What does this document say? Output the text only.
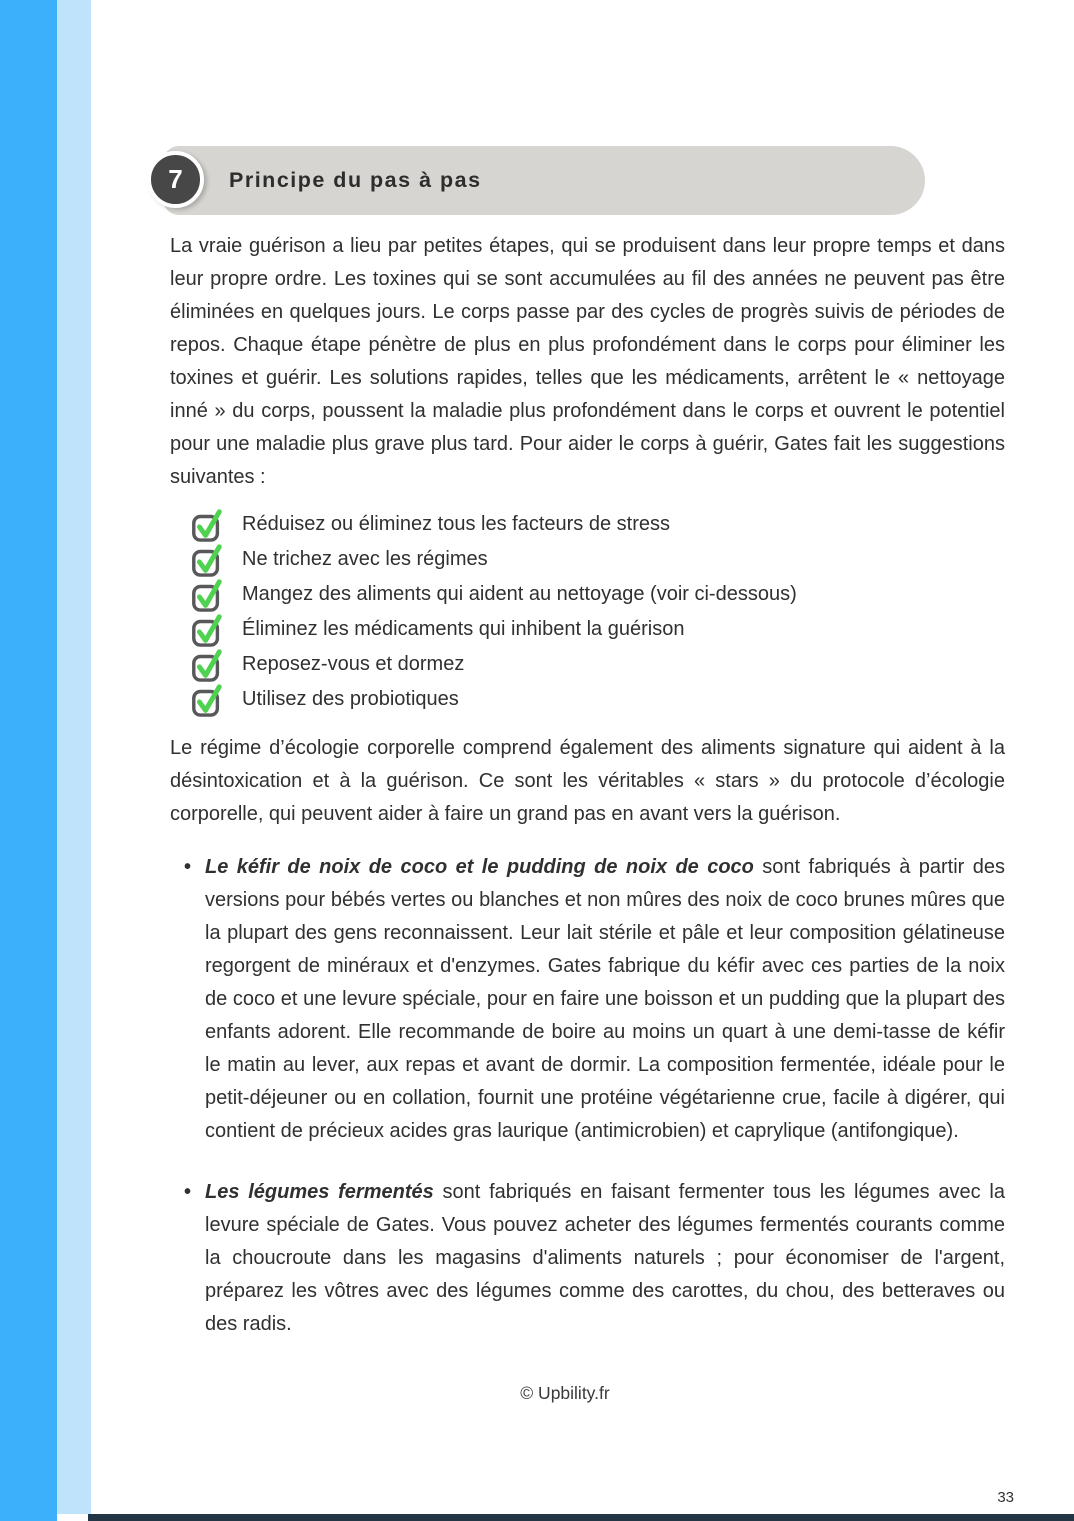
7 Principe du pas à pas

La vraie guérison a lieu par petites étapes, qui se produisent dans leur propre temps et dans leur propre ordre. Les toxines qui se sont accumulées au fil des années ne peuvent pas être éliminées en quelques jours. Le corps passe par des cycles de progrès suivis de périodes de repos. Chaque étape pénètre de plus en plus profondément dans le corps pour éliminer les toxines et guérir. Les solutions rapides, telles que les médicaments, arrêtent le « nettoyage inné » du corps, poussent la maladie plus profondément dans le corps et ouvrent le potentiel pour une maladie plus grave plus tard. Pour aider le corps à guérir, Gates fait les suggestions suivantes :

Réduisez ou éliminez tous les facteurs de stress
Ne trichez avec les régimes
Mangez des aliments qui aident au nettoyage (voir ci-dessous)
Éliminez les médicaments qui inhibent la guérison
Reposez-vous et dormez
Utilisez des probiotiques

Le régime d’écologie corporelle comprend également des aliments signature qui aident à la désintoxication et à la guérison. Ce sont les véritables « stars » du protocole d’écologie corporelle, qui peuvent aider à faire un grand pas en avant vers la guérison.

• Le kéfir de noix de coco et le pudding de noix de coco sont fabriqués à partir des versions pour bébés vertes ou blanches et non mûres des noix de coco brunes mûres que la plupart des gens reconnaissent. Leur lait stérile et pâle et leur composition gélatineuse regorgent de minéraux et d'enzymes. Gates fabrique du kéfir avec ces parties de la noix de coco et une levure spéciale, pour en faire une boisson et un pudding que la plupart des enfants adorent. Elle recommande de boire au moins un quart à une demi-tasse de kéfir le matin au lever, aux repas et avant de dormir. La composition fermentée, idéale pour le petit-déjeuner ou en collation, fournit une protéine végétarienne crue, facile à digérer, qui contient de précieux acides gras laurique (antimicrobien) et caprylique (antifongique).
• Les légumes fermentés sont fabriqués en faisant fermenter tous les légumes avec la levure spéciale de Gates. Vous pouvez acheter des légumes fermentés courants comme la choucroute dans les magasins d'aliments naturels ; pour économiser de l'argent, préparez les vôtres avec des légumes comme des carottes, du chou, des betteraves ou des radis.
© Upbility.fr
33
